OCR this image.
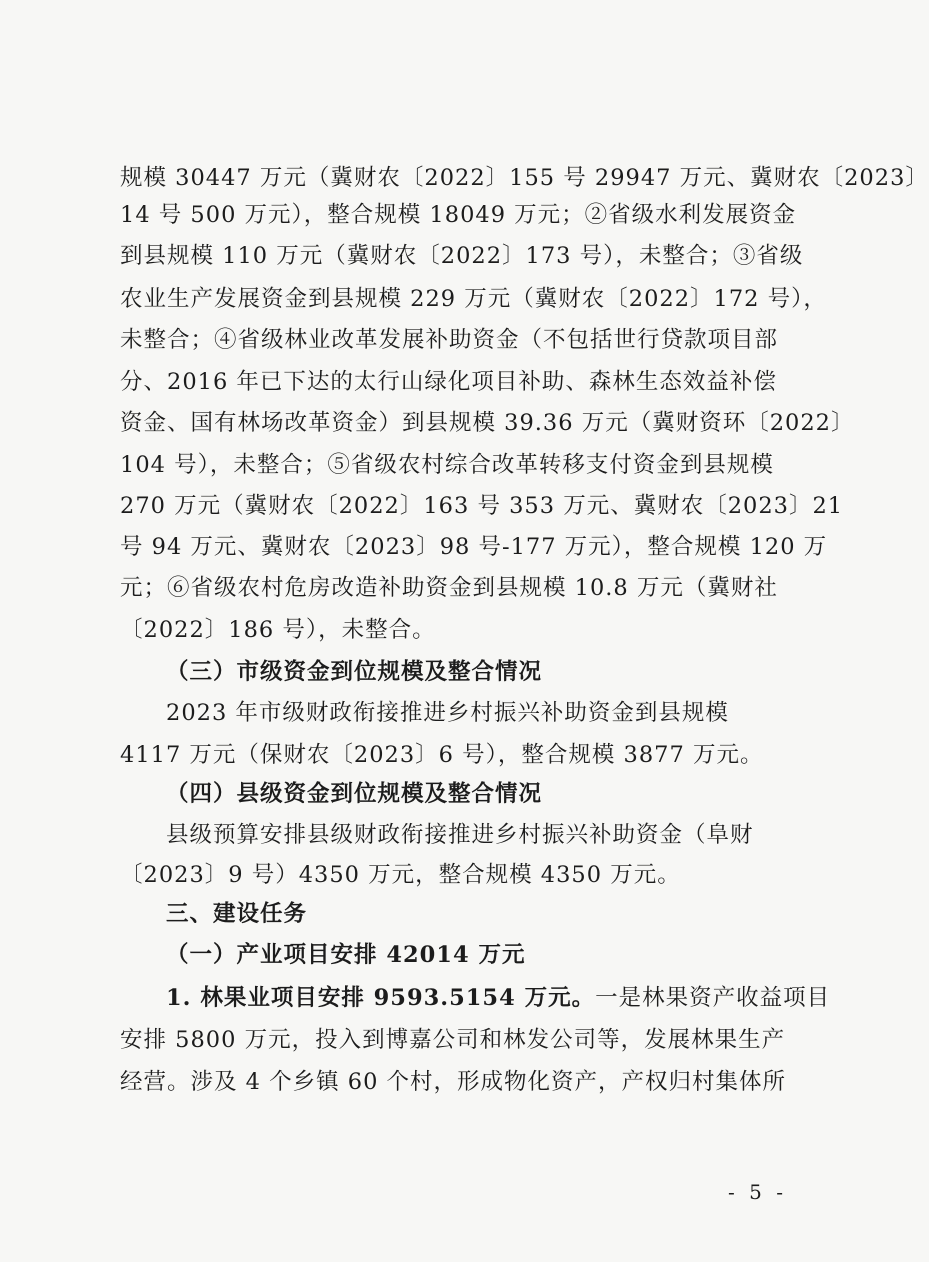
规模 30447 万元（冀财农〔2022〕155 号 29947 万元、冀财农〔2023〕
14 号 500 万元），整合规模 18049 万元；②省级水利发展资金
到县规模 110 万元（冀财农〔2022〕173 号），未整合；③省级
农业生产发展资金到县规模 229 万元（冀财农〔2022〕172 号），
未整合；④省级林业改革发展补助资金（不包括世行贷款项目部
分、2016 年已下达的太行山绿化项目补助、森林生态效益补偿
资金、国有林场改革资金）到县规模 39.36 万元（冀财资环〔2022〕
104 号），未整合；⑤省级农村综合改革转移支付资金到县规模
270 万元（冀财农〔2022〕163 号 353 万元、冀财农〔2023〕21
号 94 万元、冀财农〔2023〕98 号-177 万元），整合规模 120 万
元；⑥省级农村危房改造补助资金到县规模 10.8 万元（冀财社
〔2022〕186 号），未整合。
（三）市级资金到位规模及整合情况
2023 年市级财政衔接推进乡村振兴补助资金到县规模
4117 万元（保财农〔2023〕6 号），整合规模 3877 万元。
（四）县级资金到位规模及整合情况
县级预算安排县级财政衔接推进乡村振兴补助资金（阜财
〔2023〕9 号）4350 万元，整合规模 4350 万元。
三、建设任务
（一）产业项目安排 42014 万元
1. 林果业项目安排 9593.5154 万元。一是林果资产收益项目
安排 5800 万元，投入到博嘉公司和林发公司等，发展林果生产
经营。涉及 4 个乡镇 60 个村，形成物化资产，产权归村集体所
- 5 -
